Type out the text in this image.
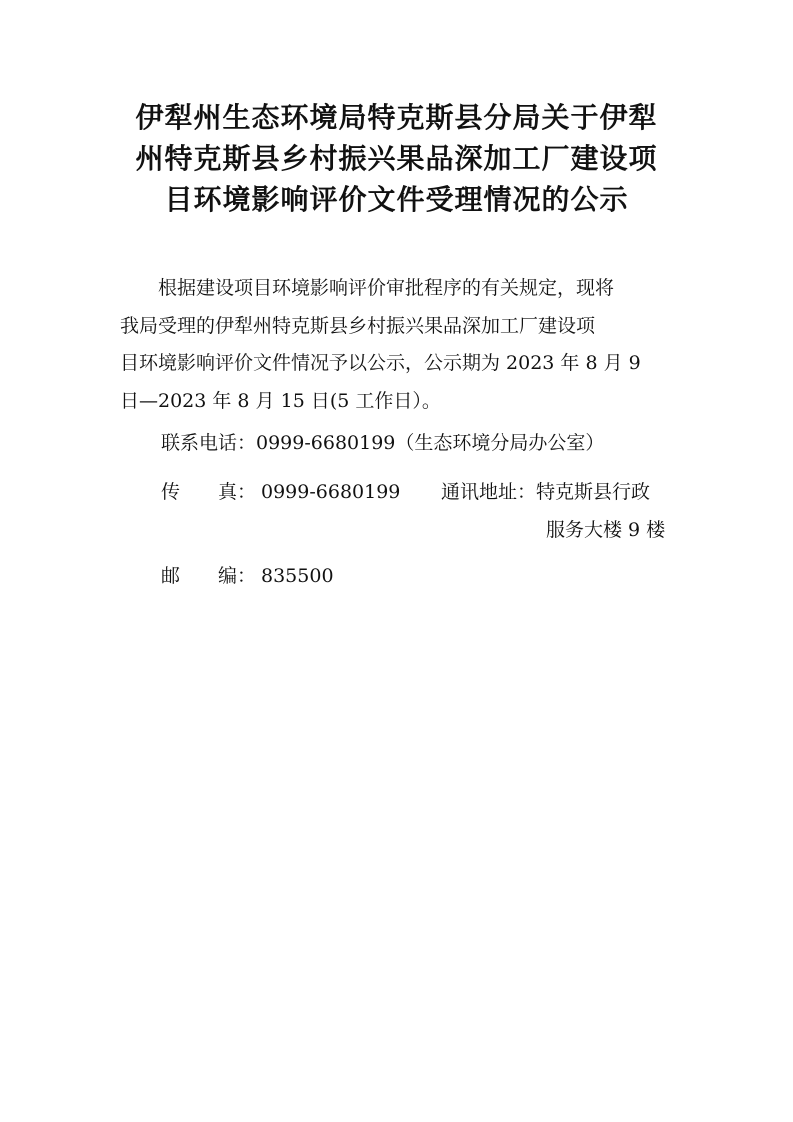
伊犁州生态环境局特克斯县分局关于伊犁
州特克斯县乡村振兴果品深加工厂建设项
目环境影响评价文件受理情况的公示

　　根据建设项目环境影响评价审批程序的有关规定，现将
我局受理的伊犁州特克斯县乡村振兴果品深加工厂建设项
目环境影响评价文件情况予以公示，公示期为 2023 年 8 月 9
日—2023 年 8 月 15 日(5 工作日）。

联系电话：0999-6680199（生态环境分局办公室）
传　　真： 0999-6680199 通讯地址：特克斯县行政
服务大楼 9 楼
邮　　编： 835500
